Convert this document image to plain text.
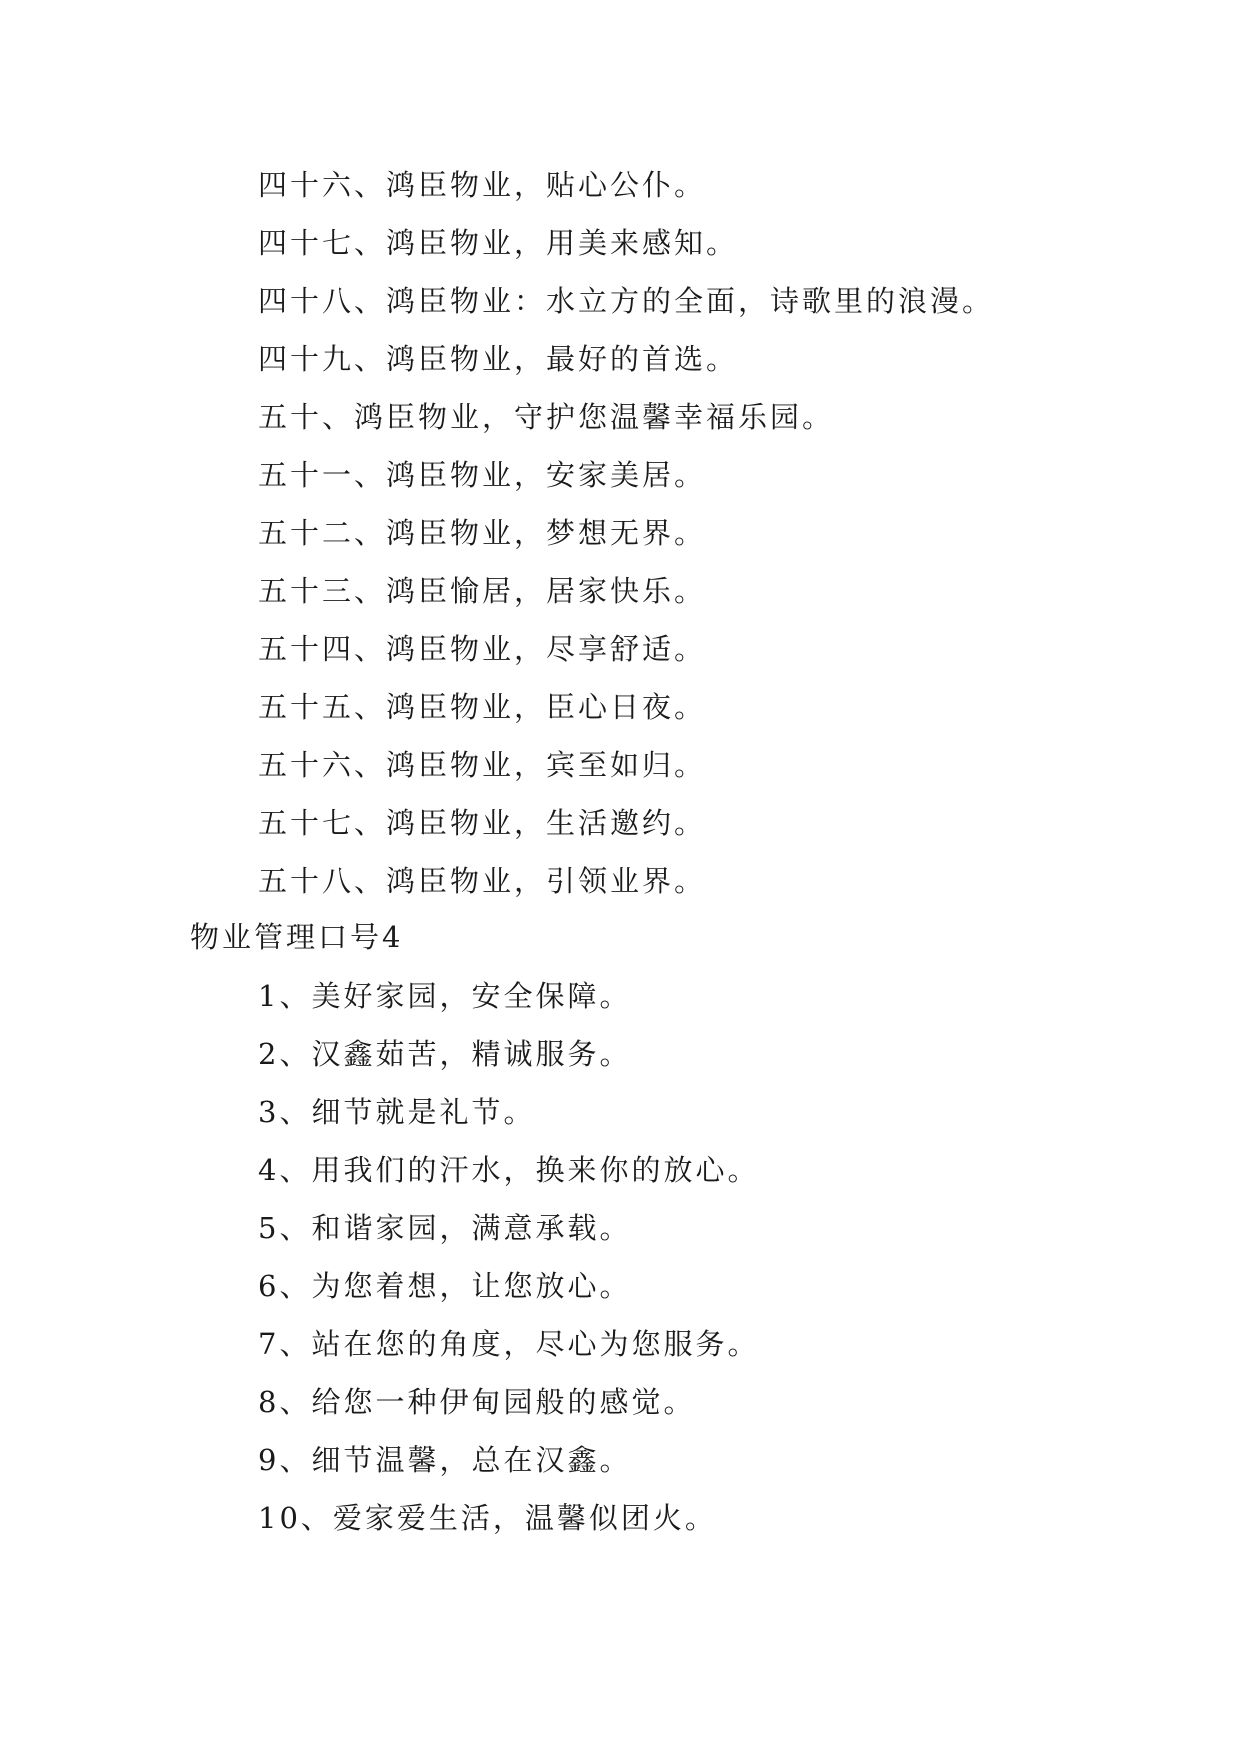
四十六、鸿臣物业，贴心公仆。
四十七、鸿臣物业，用美来感知。
四十八、鸿臣物业：水立方的全面，诗歌里的浪漫。
四十九、鸿臣物业，最好的首选。
五十、鸿臣物业，守护您温馨幸福乐园。
五十一、鸿臣物业，安家美居。
五十二、鸿臣物业，梦想无界。
五十三、鸿臣愉居，居家快乐。
五十四、鸿臣物业，尽享舒适。
五十五、鸿臣物业，臣心日夜。
五十六、鸿臣物业，宾至如归。
五十七、鸿臣物业，生活邀约。
五十八、鸿臣物业，引领业界。
物业管理口号4
1、美好家园，安全保障。
2、汉鑫茹苦，精诚服务。
3、细节就是礼节。
4、用我们的汗水，换来你的放心。
5、和谐家园，满意承载。
6、为您着想，让您放心。
7、站在您的角度，尽心为您服务。
8、给您一种伊甸园般的感觉。
9、细节温馨，总在汉鑫。
10、爱家爱生活，温馨似团火。
